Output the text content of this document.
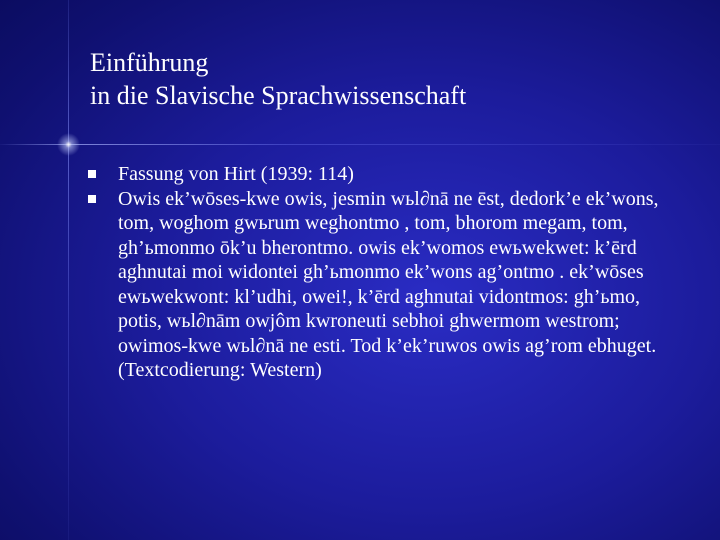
Einführung
in die Slavische Sprachwissenschaft
Fassung von Hirt (1939: 114)
Owis ek’wōses-kwe owis, jesmin wьl∂nā ne ēst, dedork’e ek’wons, tom, woghom gwьrum weghontmo , tom, bhorom megam, tom, gh’ьmonmo ōk’u bherontmo. owis ek’womos ewьwekwet: k’ērd aghnutai moi widontei gh’ьmonmo ek’wons ag’ontmo . ek’wōses ewьwekwont: kl’udhi, owei!, k’ērd aghnutai vidontmos: gh’ьmo, potis, wьl∂nām owjôm kwroneuti sebhoi ghwermom westrom; owimos-kwe wьl∂nā ne esti. Tod k’ek’ruwos owis ag’rom ebhuget. (Textcodierung: Western)
